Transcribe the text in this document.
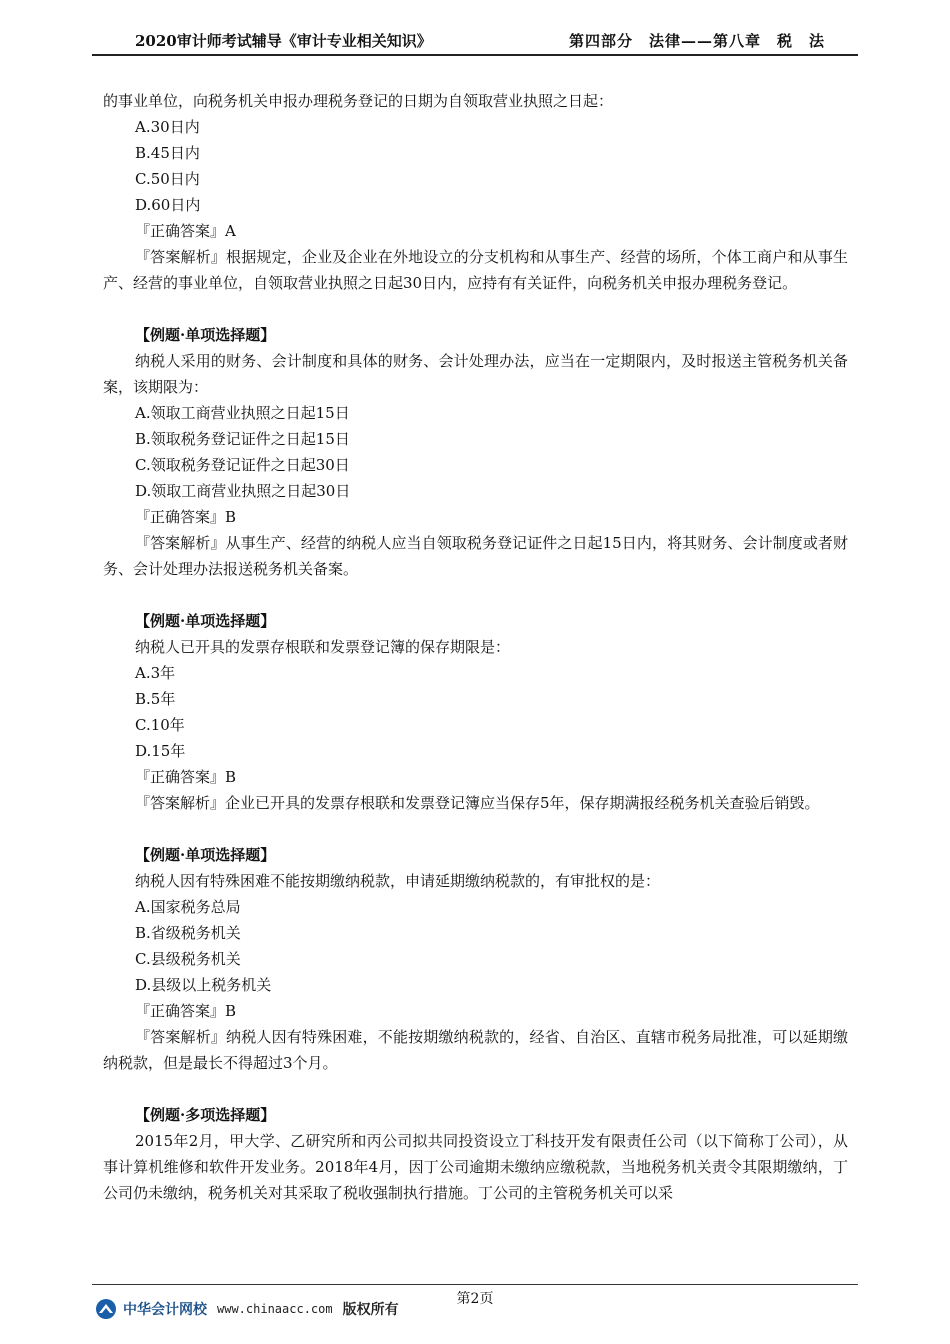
2020审计师考试辅导《审计专业相关知识》	第四部分　法律——第八章　税　法
的事业单位，向税务机关申报办理税务登记的日期为自领取营业执照之日起：
A.30日内
B.45日内
C.50日内
D.60日内
『正确答案』A
『答案解析』根据规定，企业及企业在外地设立的分支机构和从事生产、经营的场所，个体工商户和从事生产、经营的事业单位，自领取营业执照之日起30日内，应持有有关证件，向税务机关申报办理税务登记。
【例题·单项选择题】
纳税人采用的财务、会计制度和具体的财务、会计处理办法，应当在一定期限内，及时报送主管税务机关备案，该期限为：
A.领取工商营业执照之日起15日
B.领取税务登记证件之日起15日
C.领取税务登记证件之日起30日
D.领取工商营业执照之日起30日
『正确答案』B
『答案解析』从事生产、经营的纳税人应当自领取税务登记证件之日起15日内，将其财务、会计制度或者财务、会计处理办法报送税务机关备案。
【例题·单项选择题】
纳税人已开具的发票存根联和发票登记簿的保存期限是：
A.3年
B.5年
C.10年
D.15年
『正确答案』B
『答案解析』企业已开具的发票存根联和发票登记簿应当保存5年，保存期满报经税务机关查验后销毁。
【例题·单项选择题】
纳税人因有特殊困难不能按期缴纳税款，申请延期缴纳税款的，有审批权的是：
A.国家税务总局
B.省级税务机关
C.县级税务机关
D.县级以上税务机关
『正确答案』B
『答案解析』纳税人因有特殊困难，不能按期缴纳税款的，经省、自治区、直辖市税务局批准，可以延期缴纳税款，但是最长不得超过3个月。
【例题·多项选择题】
2015年2月，甲大学、乙研究所和丙公司拟共同投资设立丁科技开发有限责任公司（以下简称丁公司），从事计算机维修和软件开发业务。2018年4月，因丁公司逾期未缴纳应缴税款，当地税务机关责令其限期缴纳，丁公司仍未缴纳，税务机关对其采取了税收强制执行措施。丁公司的主管税务机关可以采
第2页
中华会计网校 www.chinaacc.com 版权所有
